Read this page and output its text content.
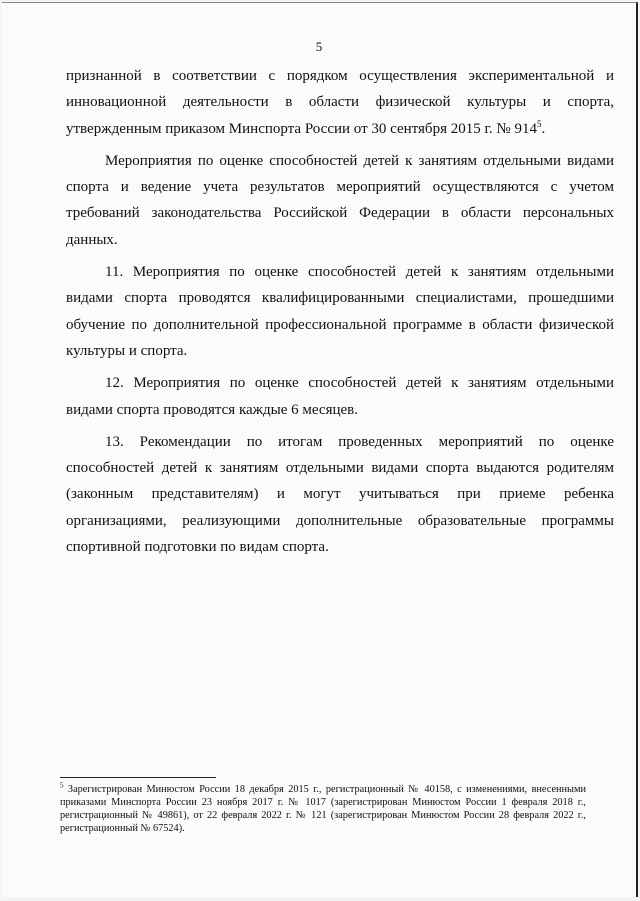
5

признанной в соответствии с порядком осуществления экспериментальной и инновационной деятельности в области физической культуры и спорта, утвержденным приказом Минспорта России от 30 сентября 2015 г. № $914^5$.

Мероприятия по оценке способностей детей к занятиям отдельными видами спорта и ведение учета результатов мероприятий осуществляются с учетом требований законодательства Российской Федерации в области персональных данных.

11. Мероприятия по оценке способностей детей к занятиям отдельными видами спорта проводятся квалифицированными специалистами, прошедшими обучение по дополнительной профессиональной программе в области физической культуры и спорта.

12. Мероприятия по оценке способностей детей к занятиям отдельными видами спорта проводятся каждые 6 месяцев.

13. Рекомендации по итогам проведенных мероприятий по оценке способностей детей к занятиям отдельными видами спорта выдаются родителям (законным представителям) и могут учитываться при приеме ребенка организациями, реализующими дополнительные образовательные программы спортивной подготовки по видам спорта.

$^5$ Зарегистрирован Минюстом России 18 декабря 2015 г., регистрационный № 40158, с изменениями, внесенными приказами Минспорта России 23 ноября 2017 г. № 1017 (зарегистрирован Минюстом России 1 февраля 2018 г., регистрационный № 49861), от 22 февраля 2022 г. № 121 (зарегистрирован Минюстом России 28 февраля 2022 г., регистрационный № 67524).
